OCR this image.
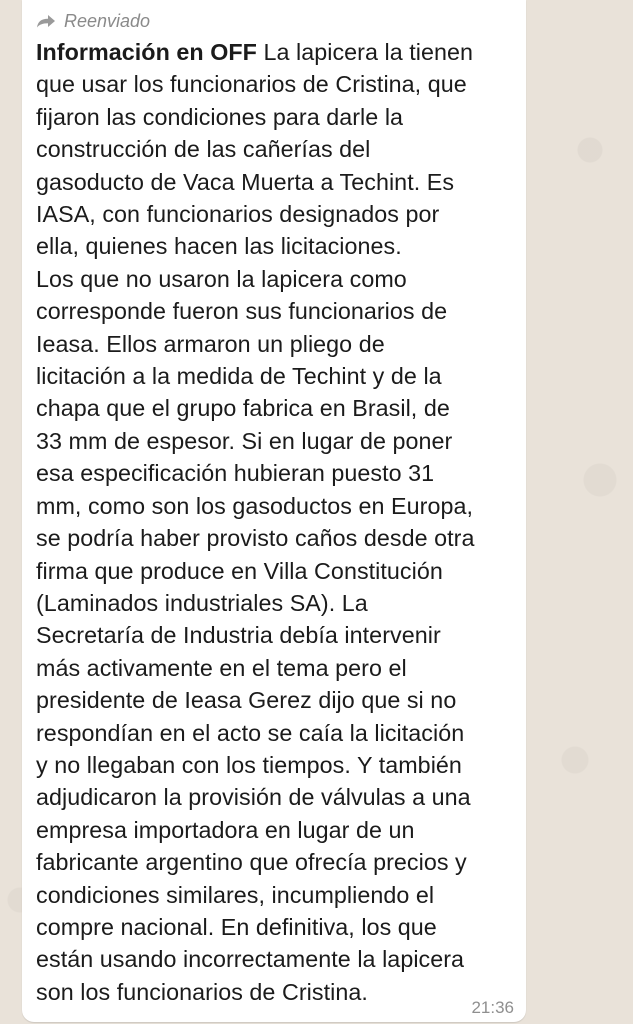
Reenviado
Información en OFF La lapicera la tienen
que usar los funcionarios de Cristina, que
fijaron las condiciones para darle la
construcción de las cañerías del
gasoducto de Vaca Muerta a Techint. Es
IASA, con funcionarios designados por
ella, quienes hacen las licitaciones.
Los que no usaron la lapicera como
corresponde fueron sus funcionarios de
Ieasa. Ellos armaron un pliego de
licitación a la medida de Techint y de la
chapa que el grupo fabrica en Brasil, de
33 mm de espesor. Si en lugar de poner
esa especificación hubieran puesto 31
mm, como son los gasoductos en Europa,
se podría haber provisto caños desde otra
firma que produce en Villa Constitución
(Laminados industriales SA). La
Secretaría de Industria debía intervenir
más activamente en el tema pero el
presidente de Ieasa Gerez dijo que si no
respondían en el acto se caía la licitación
y no llegaban con los tiempos. Y también
adjudicaron la provisión de válvulas a una
empresa importadora en lugar de un
fabricante argentino que ofrecía precios y
condiciones similares, incumpliendo el
compre nacional. En definitiva, los que
están usando incorrectamente la lapicera
son los funcionarios de Cristina.
21:36
